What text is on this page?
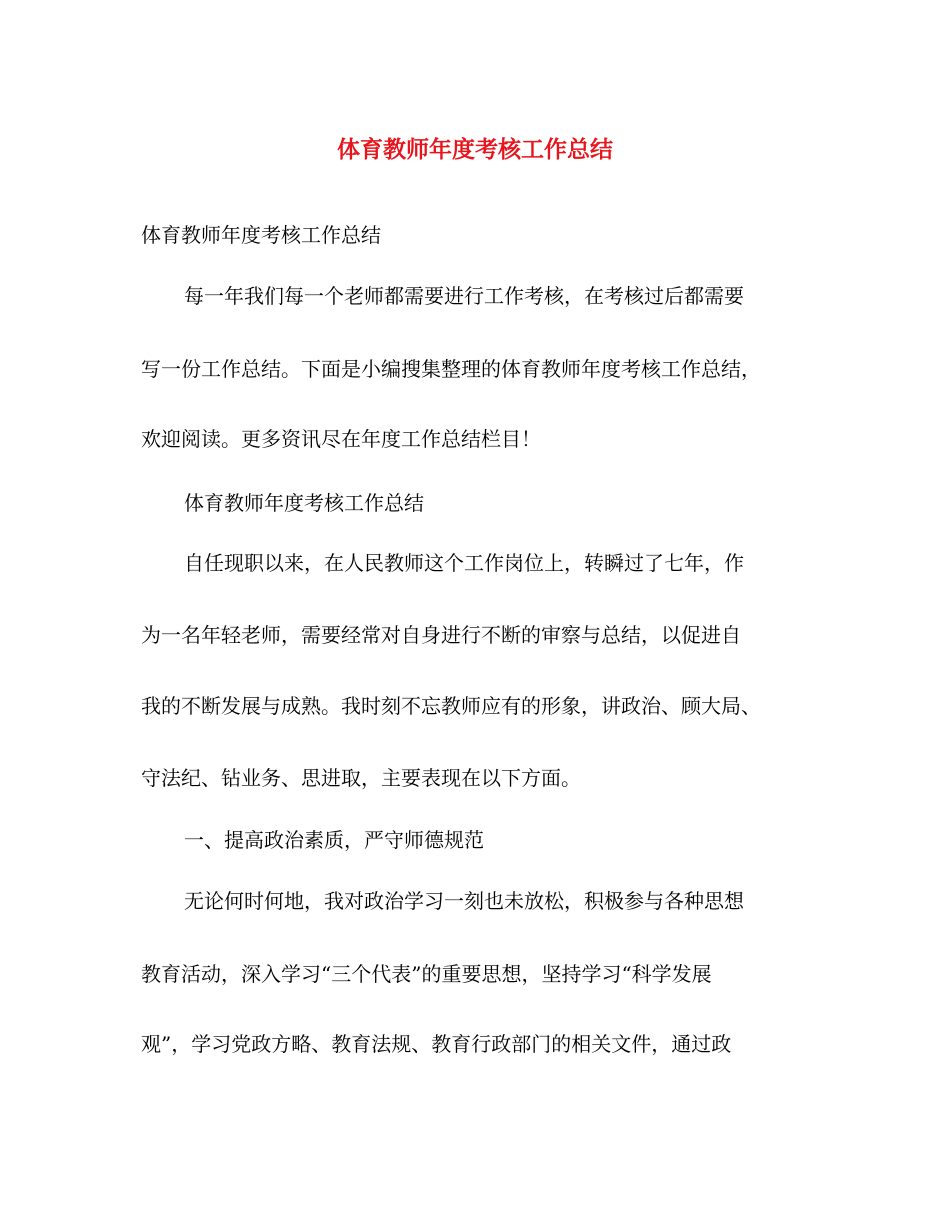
体育教师年度考核工作总结
体育教师年度考核工作总结
每一年我们每一个老师都需要进行工作考核，在考核过后都需要
写一份工作总结。下面是小编搜集整理的体育教师年度考核工作总结，
欢迎阅读。更多资讯尽在年度工作总结栏目！
体育教师年度考核工作总结
自任现职以来，在人民教师这个工作岗位上，转瞬过了七年，作
为一名年轻老师，需要经常对自身进行不断的审察与总结，以促进自
我的不断发展与成熟。我时刻不忘教师应有的形象，讲政治、顾大局、
守法纪、钻业务、思进取，主要表现在以下方面。
一、提高政治素质，严守师德规范
无论何时何地，我对政治学习一刻也未放松，积极参与各种思想
教育活动，深入学习“三个代表”的重要思想，坚持学习“科学发展
观”，学习党政方略、教育法规、教育行政部门的相关文件，通过政
